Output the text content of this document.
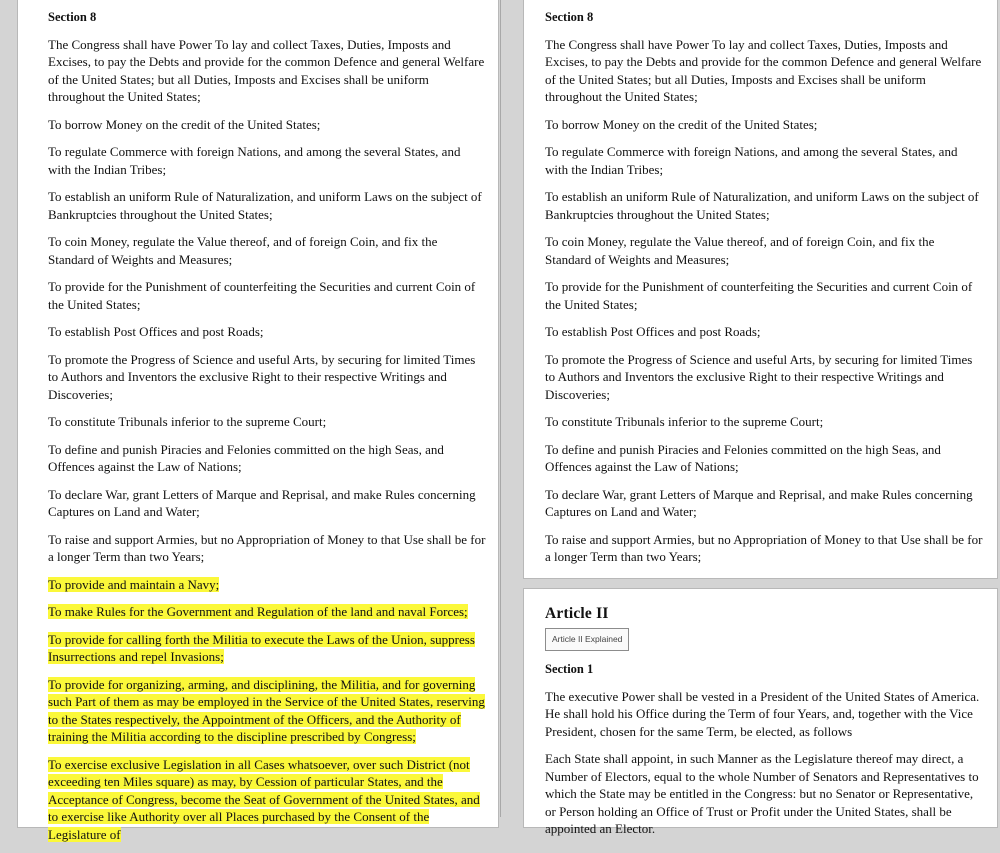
Section 8

The Congress shall have Power To lay and collect Taxes, Duties, Imposts and Excises, to pay the Debts and provide for the common Defence and general Welfare of the United States; but all Duties, Imposts and Excises shall be uniform throughout the United States;

To borrow Money on the credit of the United States;

To regulate Commerce with foreign Nations, and among the several States, and with the Indian Tribes;

To establish an uniform Rule of Naturalization, and uniform Laws on the subject of Bankruptcies throughout the United States;

To coin Money, regulate the Value thereof, and of foreign Coin, and fix the Standard of Weights and Measures;

To provide for the Punishment of counterfeiting the Securities and current Coin of the United States;

To establish Post Offices and post Roads;

To promote the Progress of Science and useful Arts, by securing for limited Times to Authors and Inventors the exclusive Right to their respective Writings and Discoveries;

To constitute Tribunals inferior to the supreme Court;

To define and punish Piracies and Felonies committed on the high Seas, and Offences against the Law of Nations;

To declare War, grant Letters of Marque and Reprisal, and make Rules concerning Captures on Land and Water;

To raise and support Armies, but no Appropriation of Money to that Use shall be for a longer Term than two Years;

To provide and maintain a Navy;

To make Rules for the Government and Regulation of the land and naval Forces;

To provide for calling forth the Militia to execute the Laws of the Union, suppress Insurrections and repel Invasions;

To provide for organizing, arming, and disciplining, the Militia, and for governing such Part of them as may be employed in the Service of the United States, reserving to the States respectively, the Appointment of the Officers, and the Authority of training the Militia according to the discipline prescribed by Congress;

To exercise exclusive Legislation in all Cases whatsoever, over such District (not exceeding ten Miles square) as may, by Cession of particular States, and the Acceptance of Congress, become the Seat of Government of the United States, and to exercise like Authority over all Places purchased by the Consent of the Legislature of

Section 8

The Congress shall have Power To lay and collect Taxes, Duties, Imposts and Excises, to pay the Debts and provide for the common Defence and general Welfare of the United States; but all Duties, Imposts and Excises shall be uniform throughout the United States;

To borrow Money on the credit of the United States;

To regulate Commerce with foreign Nations, and among the several States, and with the Indian Tribes;

To establish an uniform Rule of Naturalization, and uniform Laws on the subject of Bankruptcies throughout the United States;

To coin Money, regulate the Value thereof, and of foreign Coin, and fix the Standard of Weights and Measures;

To provide for the Punishment of counterfeiting the Securities and current Coin of the United States;

To establish Post Offices and post Roads;

To promote the Progress of Science and useful Arts, by securing for limited Times to Authors and Inventors the exclusive Right to their respective Writings and Discoveries;

To constitute Tribunals inferior to the supreme Court;

To define and punish Piracies and Felonies committed on the high Seas, and Offences against the Law of Nations;

To declare War, grant Letters of Marque and Reprisal, and make Rules concerning Captures on Land and Water;

To raise and support Armies, but no Appropriation of Money to that Use shall be for a longer Term than two Years;

Article II
Article II Explained
Section 1

The executive Power shall be vested in a President of the United States of America. He shall hold his Office during the Term of four Years, and, together with the Vice President, chosen for the same Term, be elected, as follows

Each State shall appoint, in such Manner as the Legislature thereof may direct, a Number of Electors, equal to the whole Number of Senators and Representatives to which the State may be entitled in the Congress: but no Senator or Representative, or Person holding an Office of Trust or Profit under the United States, shall be appointed an Elector.
